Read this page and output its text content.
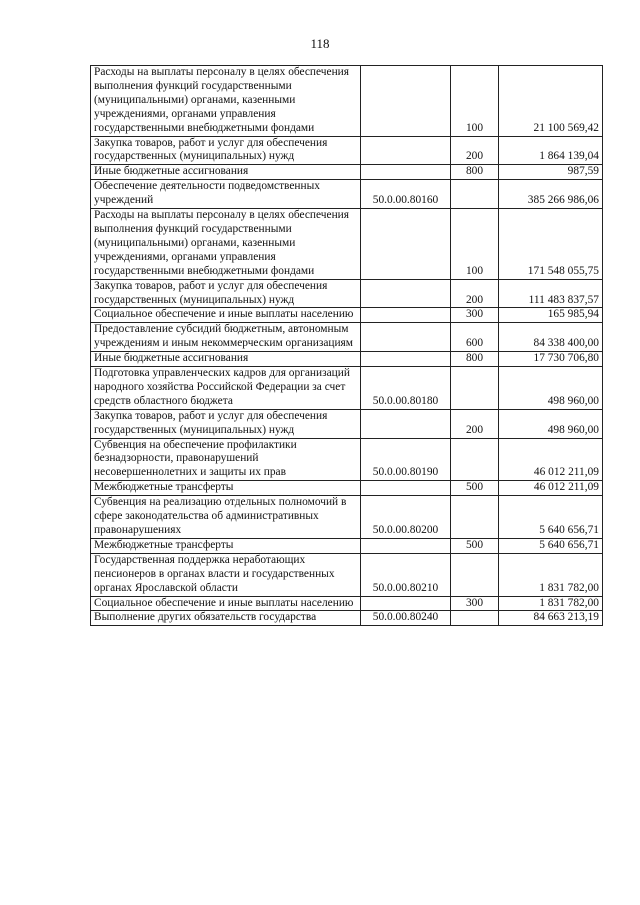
118
Расходы на выплаты персоналу в целях обеспечения выполнения функций государственными (муниципальными) органами, казенными учреждениями, органами управления государственными внебюджетными фондами		100	21 100 569,42
Закупка товаров, работ и услуг для обеспечения государственных (муниципальных) нужд		200	1 864 139,04
Иные бюджетные ассигнования		800	987,59
Обеспечение деятельности подведомственных учреждений	50.0.00.80160		385 266 986,06
Расходы на выплаты персоналу в целях обеспечения выполнения функций государственными (муниципальными) органами, казенными учреждениями, органами управления государственными внебюджетными фондами		100	171 548 055,75
Закупка товаров, работ и услуг для обеспечения государственных (муниципальных) нужд		200	111 483 837,57
Социальное обеспечение и иные выплаты населению		300	165 985,94
Предоставление субсидий бюджетным, автономным учреждениям и иным некоммерческим организациям		600	84 338 400,00
Иные бюджетные ассигнования		800	17 730 706,80
Подготовка управленческих кадров для организаций народного хозяйства Российской Федерации за счет средств областного бюджета	50.0.00.80180		498 960,00
Закупка товаров, работ и услуг для обеспечения государственных (муниципальных) нужд		200	498 960,00
Субвенция на обеспечение профилактики безнадзорности, правонарушений несовершеннолетних и защиты их прав	50.0.00.80190		46 012 211,09
Межбюджетные трансферты		500	46 012 211,09
Субвенция на реализацию отдельных полномочий в сфере законодательства об административных правонарушениях	50.0.00.80200		5 640 656,71
Межбюджетные трансферты		500	5 640 656,71
Государственная поддержка неработающих пенсионеров в органах власти и государственных органах Ярославской области	50.0.00.80210		1 831 782,00
Социальное обеспечение и иные выплаты населению		300	1 831 782,00
Выполнение других обязательств государства	50.0.00.80240		84 663 213,19
